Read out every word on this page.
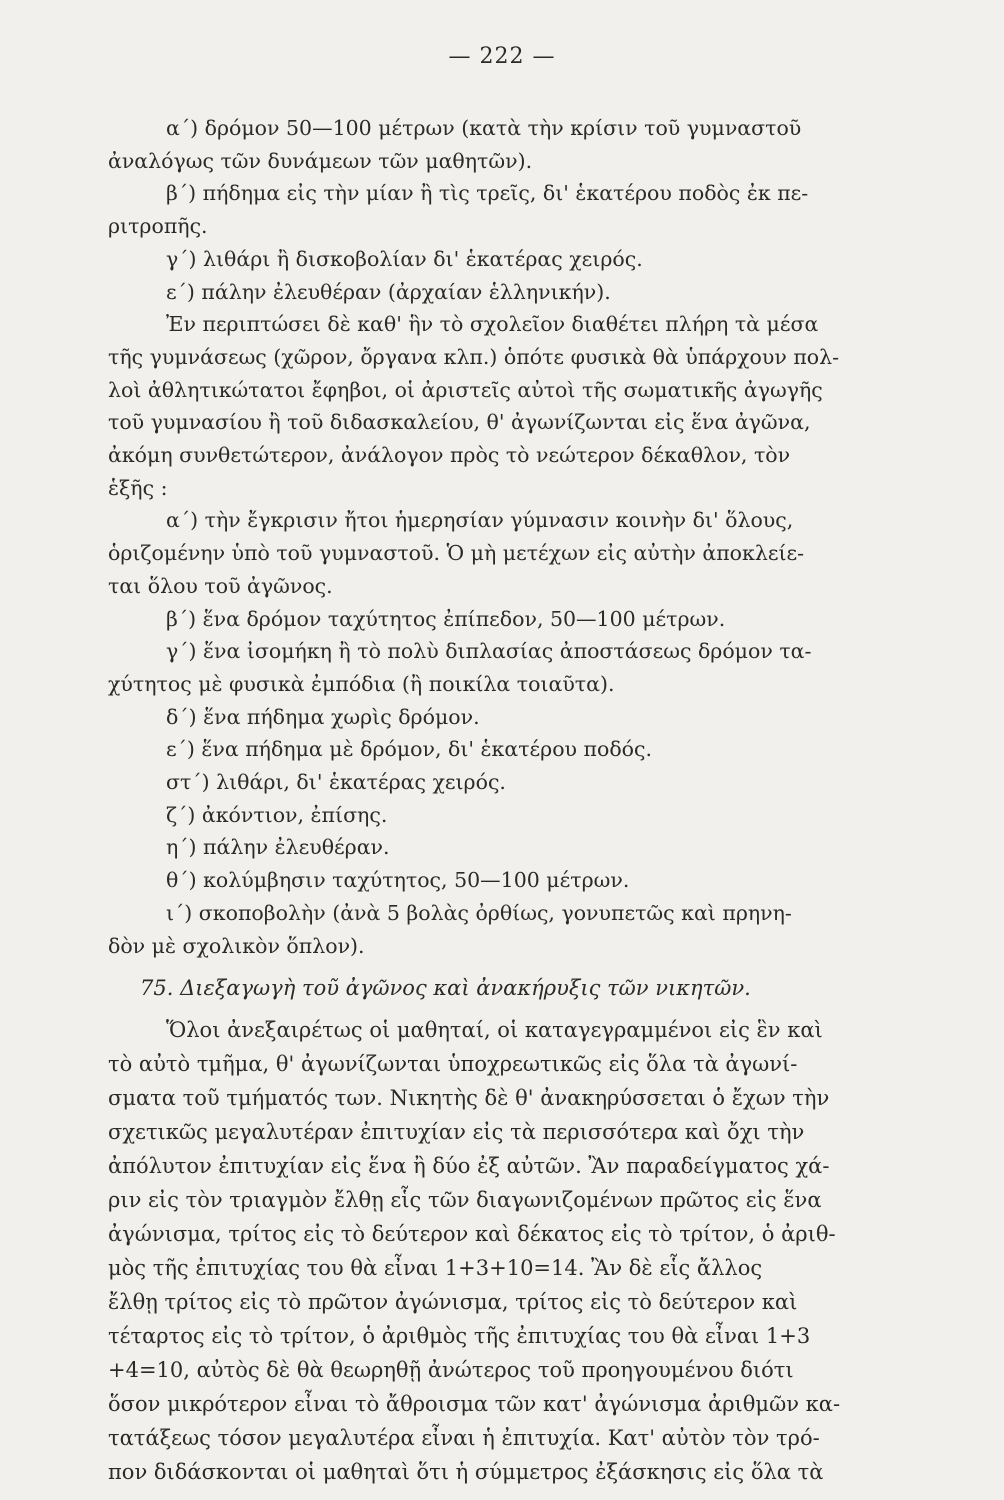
— 222 —
α΄) δρόμον 50—100 μέτρων (κατὰ τὴν κρίσιν τοῦ γυμναστοῦ
ἀναλόγως τῶν δυνάμεων τῶν μαθητῶν).
β΄) πήδημα εἰς τὴν μίαν ἢ τὶς τρεῖς, δι' ἑκατέρου ποδὸς ἐκ πε-
ριτροπῆς.
γ΄) λιθάρι ἢ δισκοβολίαν δι' ἑκατέρας χειρός.
ε΄) πάλην ἐλευθέραν (ἀρχαίαν ἑλληνικήν).
Ἐν περιπτώσει δὲ καθ' ἣν τὸ σχολεῖον διαθέτει πλήρη τὰ μέσα
τῆς γυμνάσεως (χῶρον, ὄργανα κλπ.) ὁπότε φυσικὰ θὰ ὑπάρχουν πολ-
λοὶ ἀθλητικώτατοι ἔφηβοι, οἱ ἀριστεῖς αὐτοὶ τῆς σωματικῆς ἀγωγῆς
τοῦ γυμνασίου ἢ τοῦ διδασκαλείου, θ' ἀγωνίζωνται εἰς ἕνα ἀγῶνα,
ἀκόμη συνθετώτερον, ἀνάλογον πρὸς τὸ νεώτερον δέκαθλον, τὸν
ἑξῆς :
α΄) τὴν ἔγκρισιν ἤτοι ἡμερησίαν γύμνασιν κοινὴν δι' ὅλους,
ὁριζομένην ὑπὸ τοῦ γυμναστοῦ. Ὁ μὴ μετέχων εἰς αὐτὴν ἀποκλείε-
ται ὅλου τοῦ ἀγῶνος.
β΄) ἕνα δρόμον ταχύτητος ἐπίπεδον, 50—100 μέτρων.
γ΄) ἕνα ἰσομήκη ἢ τὸ πολὺ διπλασίας ἀποστάσεως δρόμον τα-
χύτητος μὲ φυσικὰ ἐμπόδια (ἢ ποικίλα τοιαῦτα).
δ΄) ἕνα πήδημα χωρὶς δρόμον.
ε΄) ἕνα πήδημα μὲ δρόμον, δι' ἑκατέρου ποδός.
στ΄) λιθάρι, δι' ἑκατέρας χειρός.
ζ΄) ἀκόντιον, ἐπίσης.
η΄) πάλην ἐλευθέραν.
θ΄) κολύμβησιν ταχύτητος, 50—100 μέτρων.
ι΄) σκοποβολὴν (ἀνὰ 5 βολὰς ὀρθίως, γονυπετῶς καὶ πρηνη-
δὸν μὲ σχολικὸν ὅπλον).
75. Διεξαγωγὴ τοῦ ἀγῶνος καὶ ἀνακήρυξις τῶν νικητῶν.
Ὅλοι ἀνεξαιρέτως οἱ μαθηταί, οἱ καταγεγραμμένοι εἰς ἓν καὶ
τὸ αὐτὸ τμῆμα, θ' ἀγωνίζωνται ὑποχρεωτικῶς εἰς ὅλα τὰ ἀγωνί-
σματα τοῦ τμήματός των. Νικητὴς δὲ θ' ἀνακηρύσσεται ὁ ἔχων τὴν
σχετικῶς μεγαλυτέραν ἐπιτυχίαν εἰς τὰ περισσότερα καὶ ὄχι τὴν
ἀπόλυτον ἐπιτυχίαν εἰς ἕνα ἢ δύο ἐξ αὐτῶν. Ἂν παραδείγματος χά-
ριν εἰς τὸν τριαγμὸν ἔλθῃ εἷς τῶν διαγωνιζομένων πρῶτος εἰς ἕνα
ἀγώνισμα, τρίτος εἰς τὸ δεύτερον καὶ δέκατος εἰς τὸ τρίτον, ὁ ἀριθ-
μὸς τῆς ἐπιτυχίας του θὰ εἶναι 1+3+10=14. Ἂν δὲ εἷς ἄλλος
ἔλθῃ τρίτος εἰς τὸ πρῶτον ἀγώνισμα, τρίτος εἰς τὸ δεύτερον καὶ
τέταρτος εἰς τὸ τρίτον, ὁ ἀριθμὸς τῆς ἐπιτυχίας του θὰ εἶναι 1+3
+4=10, αὐτὸς δὲ θὰ θεωρηθῇ ἀνώτερος τοῦ προηγουμένου διότι
ὅσον μικρότερον εἶναι τὸ ἄθροισμα τῶν κατ' ἀγώνισμα ἀριθμῶν κα-
τατάξεως τόσον μεγαλυτέρα εἶναι ἡ ἐπιτυχία. Κατ' αὐτὸν τὸν τρό-
πον διδάσκονται οἱ μαθηταὶ ὅτι ἡ σύμμετρος ἐξάσκησις εἰς ὅλα τὰ
